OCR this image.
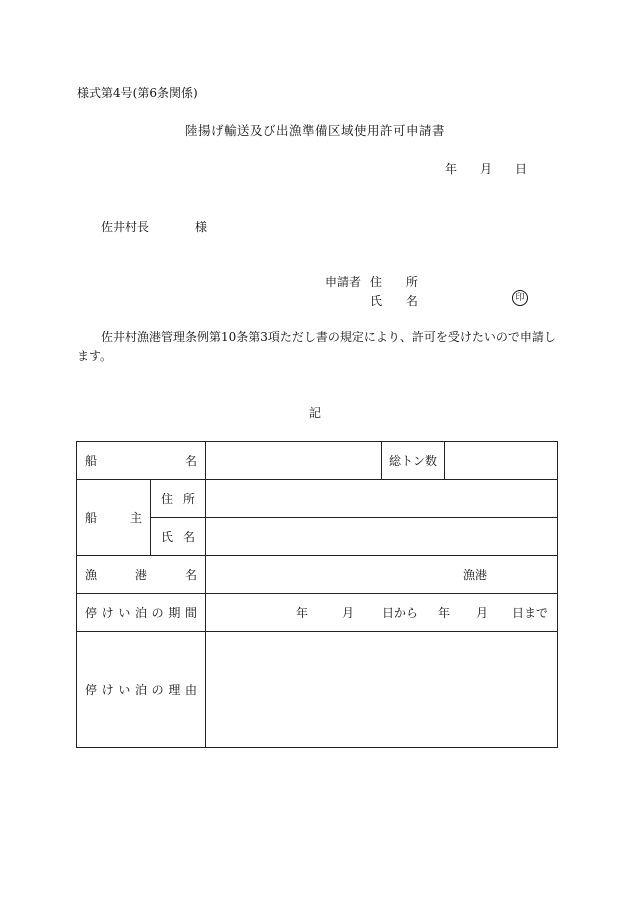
様式第4号(第6条関係)
陸揚げ輸送及び出漁準備区域使用許可申請書
年 月 日
佐井村長	様
申請者 住 所
氏 名	印
佐井村漁港管理条例第10条第3項ただし書の規定により、許可を受けたいので申請します。
記
船 名			総トン数	
船 主	住 所			
	氏 名			
漁 港 名		漁港		
停 け い 泊 の 期 間		年 月 日から 年 月 日まで		
停 け い 泊 の 理 由				
